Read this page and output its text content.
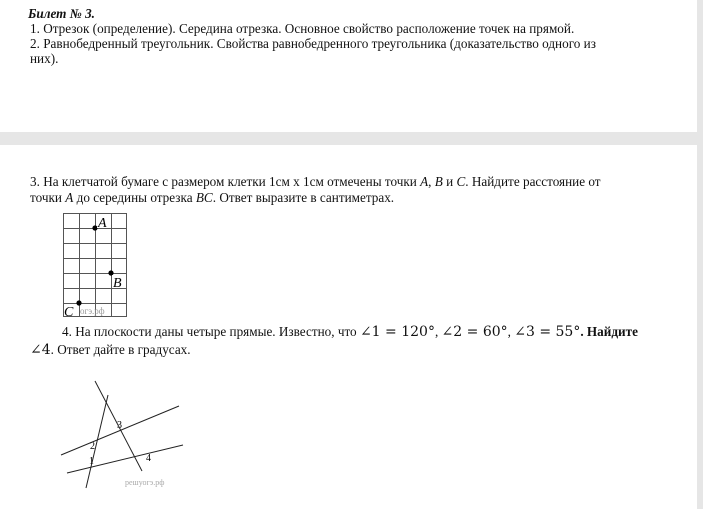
Билет № 3.
1. Отрезок (определение). Середина отрезка. Основное свойство расположение точек на прямой.
2. Равнобедренный треугольник. Свойства равнобедренного треугольника (доказательство одного из
них).
3. На клетчатой бумаге с размером клетки 1см x 1см отмечены точки A, B и C. Найдите расстояние от
точки A до середины отрезка BC. Ответ выразите в сантиметрах.
A
B
C огэ.рф
4. На плоскости даны четыре прямые. Известно, что ∠1 = 120°, ∠2 = 60°, ∠3 = 55°. Найдите
∠4. Ответ дайте в градусах.
3
2
1	4
решуогэ.рф
